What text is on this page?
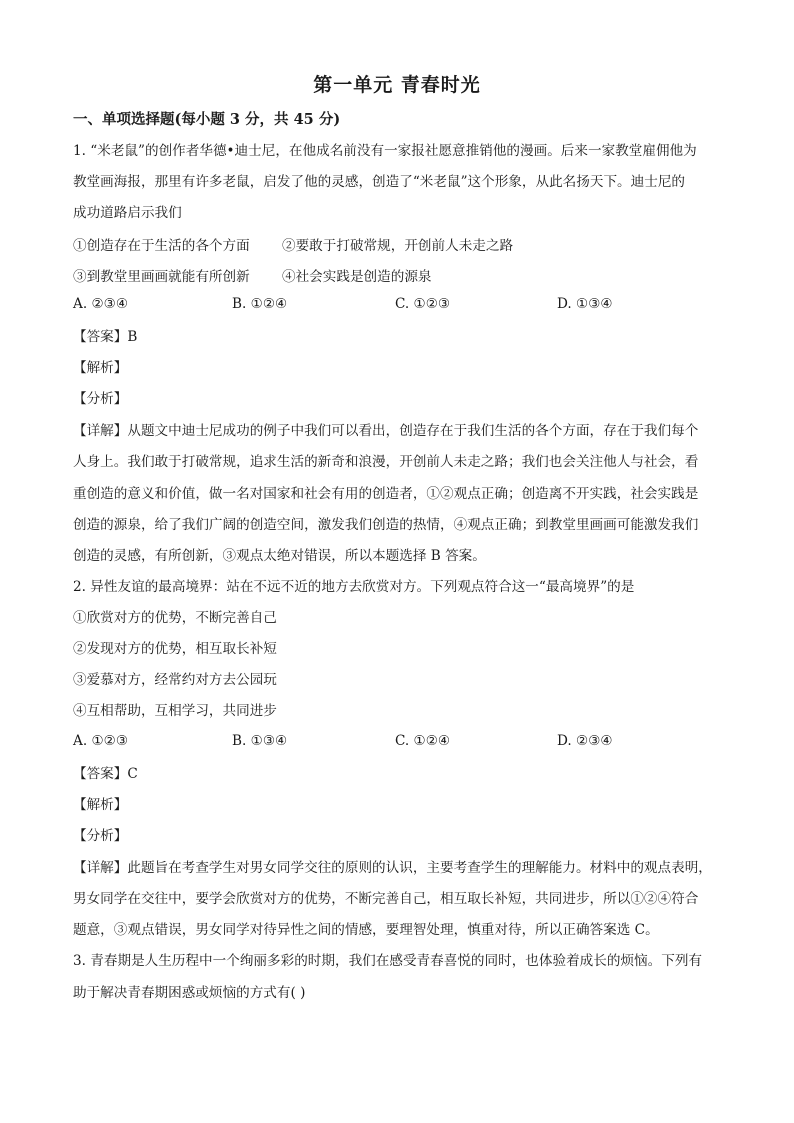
第一单元 青春时光
一、单项选择题(每小题 3 分，共 45 分)
1. “米老鼠”的创作者华德•迪士尼，在他成名前没有一家报社愿意推销他的漫画。后来一家教堂雇佣他为
教堂画海报，那里有许多老鼠，启发了他的灵感，创造了“米老鼠”这个形象，从此名扬天下。迪士尼的
成功道路启示我们
①创造存在于生活的各个方面 ②要敢于打破常规，开创前人未走之路
③到教堂里画画就能有所创新 ④社会实践是创造的源泉
A. ②③④	B. ①②④	C. ①②③	D. ①③④
【答案】B
【解析】
【分析】
【详解】从题文中迪士尼成功的例子中我们可以看出，创造存在于我们生活的各个方面，存在于我们每个
人身上。我们敢于打破常规，追求生活的新奇和浪漫，开创前人未走之路；我们也会关注他人与社会，看
重创造的意义和价值，做一名对国家和社会有用的创造者，①②观点正确；创造离不开实践，社会实践是
创造的源泉，给了我们广阔的创造空间，激发我们创造的热情，④观点正确；到教堂里画画可能激发我们
创造的灵感，有所创新，③观点太绝对错误，所以本题选择 B 答案。
2. 异性友谊的最高境界：站在不远不近的地方去欣赏对方。下列观点符合这一“最高境界”的是
①欣赏对方的优势，不断完善自己
②发现对方的优势，相互取长补短
③爱慕对方，经常约对方去公园玩
④互相帮助，互相学习，共同进步
A. ①②③	B. ①③④	C. ①②④	D. ②③④
【答案】C
【解析】
【分析】
【详解】此题旨在考查学生对男女同学交往的原则的认识，主要考查学生的理解能力。材料中的观点表明，
男女同学在交往中，要学会欣赏对方的优势，不断完善自己，相互取长补短，共同进步，所以①②④符合
题意，③观点错误，男女同学对待异性之间的情感，要理智处理，慎重对待，所以正确答案选 C。
3. 青春期是人生历程中一个绚丽多彩的时期，我们在感受青春喜悦的同时，也体验着成长的烦恼。下列有
助于解决青春期困惑或烦恼的方式有( )
